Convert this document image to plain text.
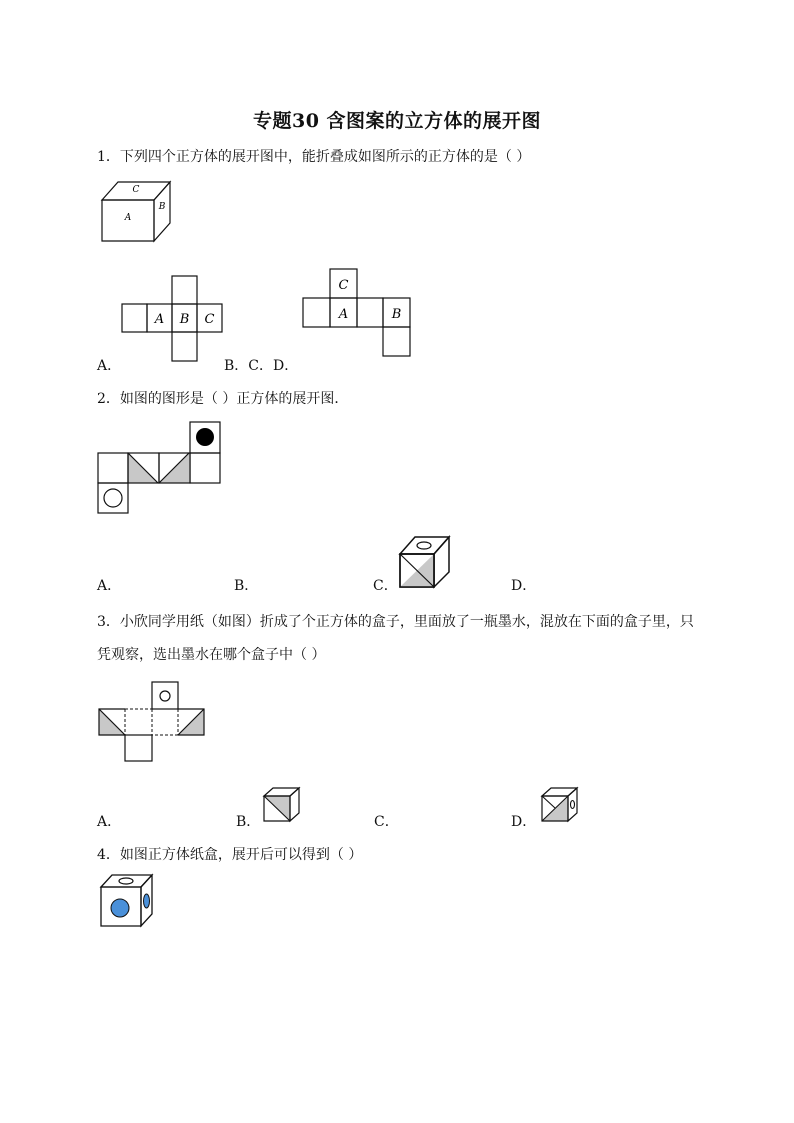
专题30 含图案的立方体的展开图
1．下列四个正方体的展开图中，能折叠成如图所示的正方体的是（ ）
A
B
C
A B C
C
A	B
A．	B．C．D．
2．如图的图形是（ ）正方体的展开图．
A．	B．	C．	D．
3．小欣同学用纸（如图）折成了个正方体的盒子，里面放了一瓶墨水，混放在下面的盒子里，只
凭观察，选出墨水在哪个盒子中（ ）
A．	B．	C．	D．
4．如图正方体纸盒，展开后可以得到（ ）
